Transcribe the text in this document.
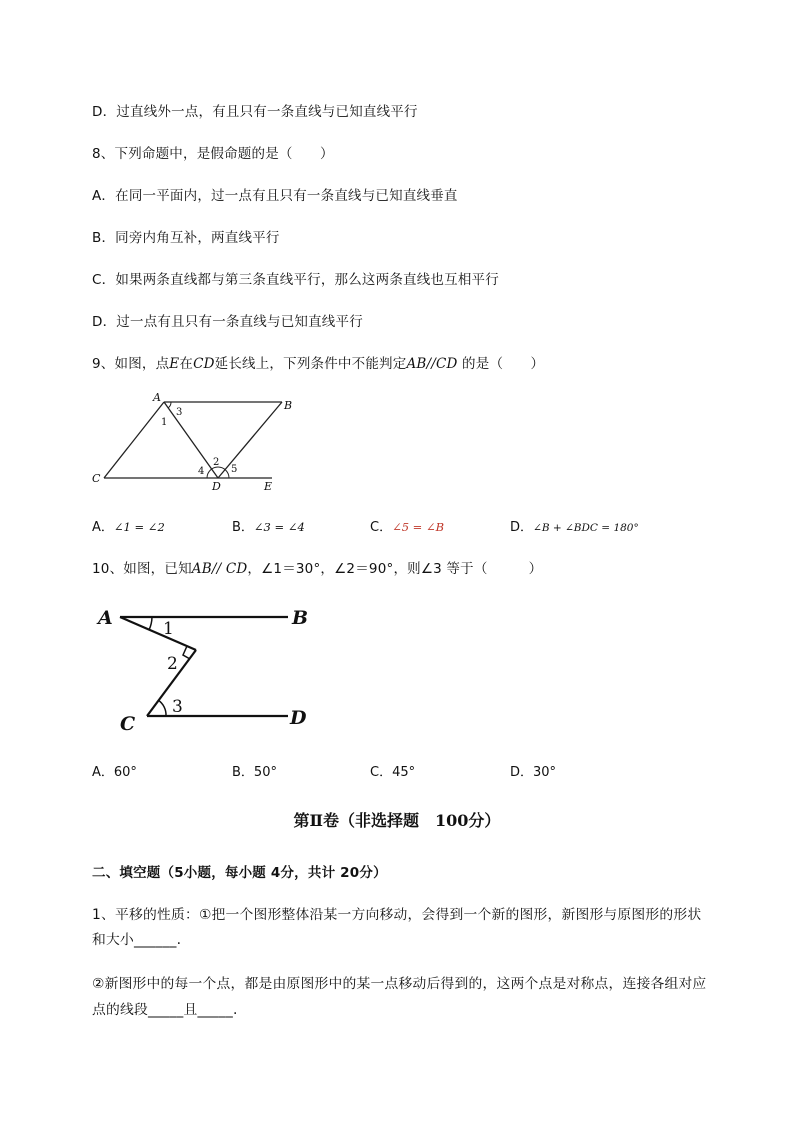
D．过直线外一点，有且只有一条直线与已知直线平行
8、下列命题中，是假命题的是（　　）
A．在同一平面内，过一点有且只有一条直线与已知直线垂直
B．同旁内角互补，两直线平行
C．如果两条直线都与第三条直线平行，那么这两条直线也互相平行
D．过一点有且只有一条直线与已知直线平行
9、如图，点E在CD延长线上，下列条件中不能判定AB//CD 的是（　　）
A
B
C
D	E
1
3
2
4	5
A．∠1 = ∠2	B．∠3 = ∠4	C．∠5 = ∠B	D．∠B + ∠BDC = 180°
10、如图，已知AB// CD，∠1＝30°，∠2＝90°，则∠3 等于（　　　）
A	B
C	D
1
2
3
A．60°	B．50°	C．45°	D．30°
第Ⅱ卷（非选择题　100分）
二、填空题（5小题，每小题 4分，共计 20分）
1、平移的性质：①把一个图形整体沿某一方向移动，会得到一个新的图形，新图形与原图形的形状
和大小______.
②新图形中的每一个点，都是由原图形中的某一点移动后得到的，这两个点是对称点，连接各组对应
点的线段_____且_____.
